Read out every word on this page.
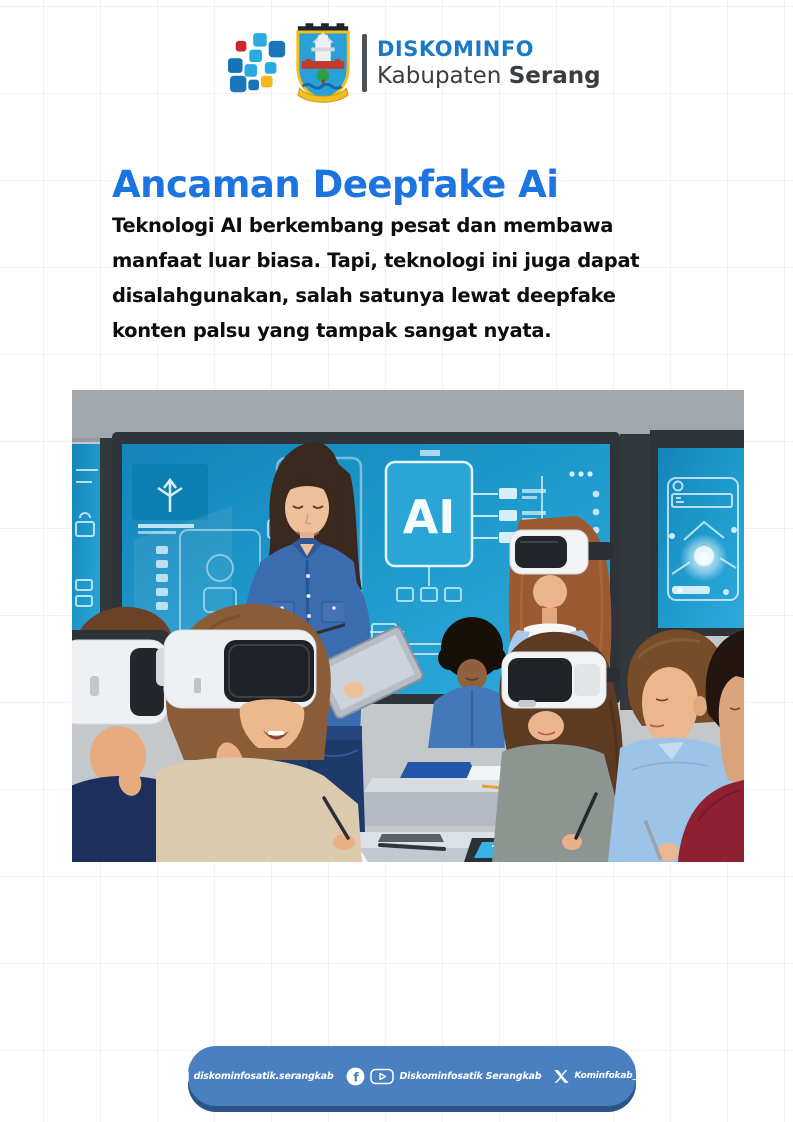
DISKOMINFO
Kabupaten Serang
Ancaman Deepfake Ai
Teknologi AI berkembang pesat dan membawa
manfaat luar biasa. Tapi, teknologi ini juga dapat
disalahgunakan, salah satunya lewat deepfake
konten palsu yang tampak sangat nyata.
AI
diskominfosatik.serangkab f	Diskominfosatik Serangkab	Kominfokab_srg
